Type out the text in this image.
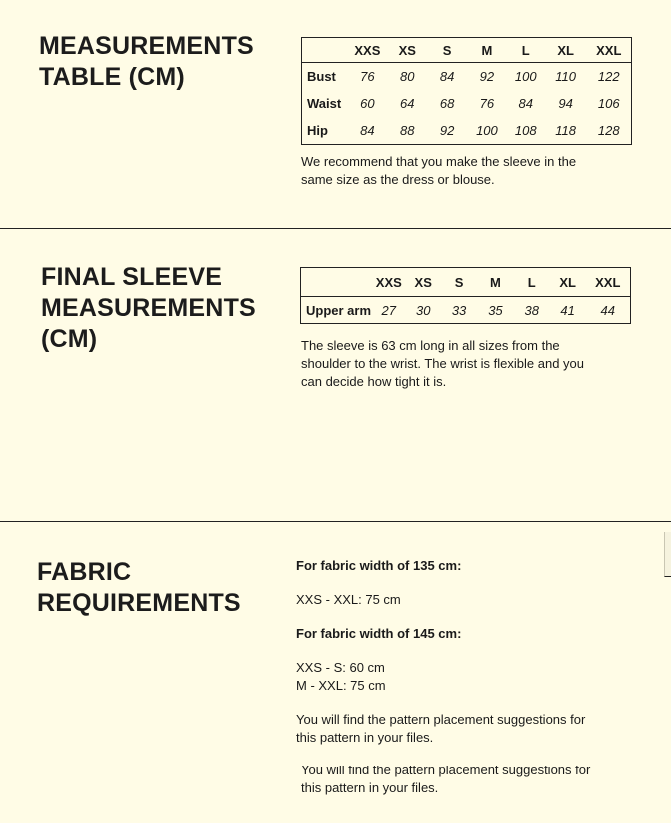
MEASUREMENTS
TABLE (CM)
	XXS	XS	S	M	L	XL	XXL
Bust	76	80	84	92	100	110	122
Waist	60	64	68	76	84	94	106
Hip	84	88	92	100	108	118	128
We recommend that you make the sleeve in the
same size as the dress or blouse.
FINAL SLEEVE
MEASUREMENTS
(CM)
	XXS	XS	S	M	L	XL	XXL
Upper arm	27	30	33	35	38	41	44
The sleeve is 63 cm long in all sizes from the
shoulder to the wrist. The wrist is flexible and you
can decide how tight it is.
FABRIC
REQUIREMENTS
For fabric width of 135 cm:
XXS - XXL: 75 cm
For fabric width of 145 cm:
XXS - S: 60 cm
M - XXL: 75 cm
You will find the pattern placement suggestions for
this pattern in your files.
You will find the pattern placement suggestions for
this pattern in your files.
